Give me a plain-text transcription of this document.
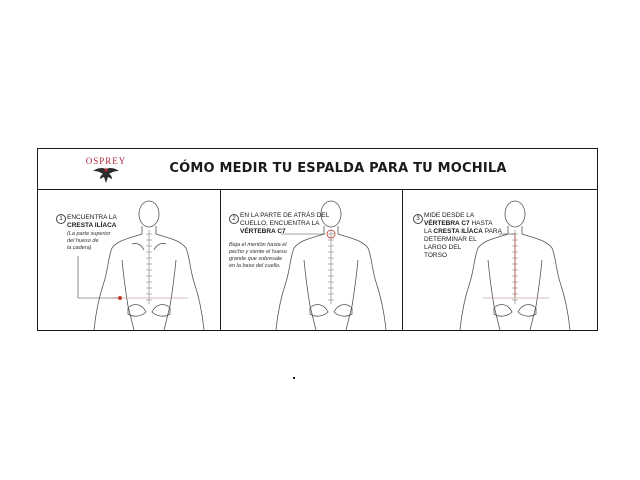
OSPREY	CÓMO MEDIR TU ESPALDA PARA TU MOCHILA
1 ENCUENTRA LA
CRESTA ILÍACA
(La parte superior
del hueso de
la cadera)
2 EN LA PARTE DE ATRÁS DEL
CUELLO, ENCUENTRA LA
VÉRTEBRA C7
Baja el mentón hasta el
pecho y siente el hueso
grande que sobresale
en la base del cuello.
3 MIDE DESDE LA
VÉRTEBRA C7 HASTA
LA CRESTA ILÍACA PARA
DETERMINAR EL
LARGO DEL
TORSO
